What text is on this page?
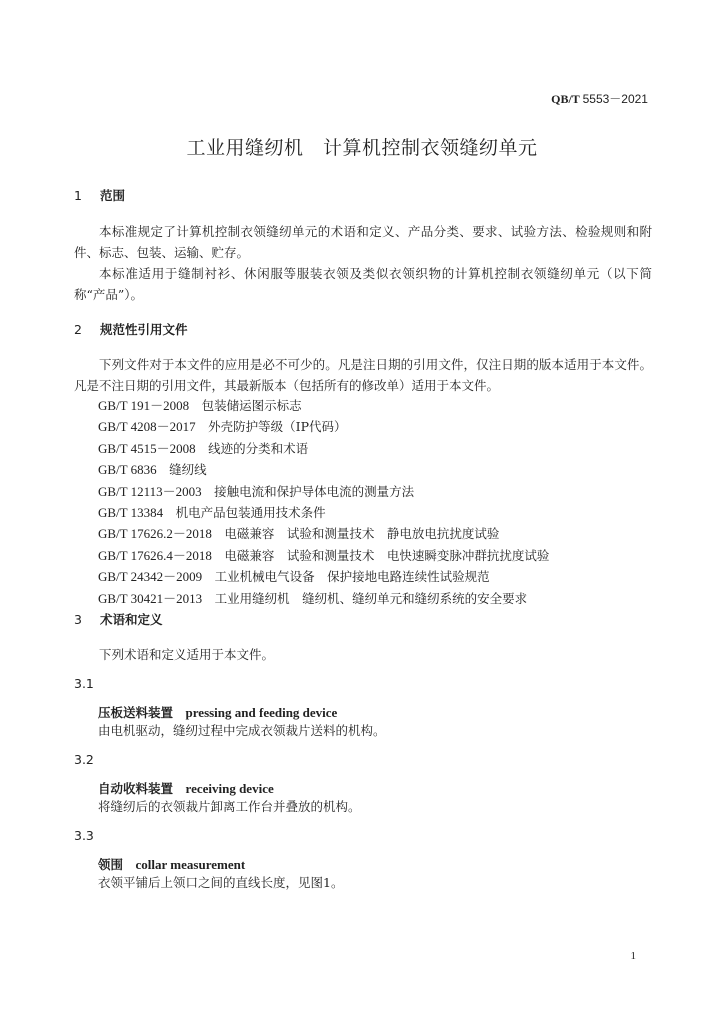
QB/T 5553－2021
工业用缝纫机　计算机控制衣领缝纫单元
1 范围
本标准规定了计算机控制衣领缝纫单元的术语和定义、产品分类、要求、试验方法、检验规则和附件、标志、包装、运输、贮存。
本标准适用于缝制衬衫、休闲服等服装衣领及类似衣领织物的计算机控制衣领缝纫单元（以下简称“产品”）。
2 规范性引用文件
下列文件对于本文件的应用是必不可少的。凡是注日期的引用文件，仅注日期的版本适用于本文件。凡是不注日期的引用文件，其最新版本（包括所有的修改单）适用于本文件。
GB/T 191－2008　 包装储运图示标志
GB/T 4208－2017　 外壳防护等级（IP代码）
GB/T 4515－2008　 线迹的分类和术语
GB/T 6836　 缝纫线
GB/T 12113－2003　 接触电流和保护导体电流的测量方法
GB/T 13384　 机电产品包装通用技术条件
GB/T 17626.2－2018　 电磁兼容　试验和测量技术　静电放电抗扰度试验
GB/T 17626.4－2018　 电磁兼容　试验和测量技术　电快速瞬变脉冲群抗扰度试验
GB/T 24342－2009　 工业机械电气设备　保护接地电路连续性试验规范
GB/T 30421－2013　 工业用缝纫机　缝纫机、缝纫单元和缝纫系统的安全要求
3 术语和定义
下列术语和定义适用于本文件。
3.1
压板送料装置　 pressing and feeding device
由电机驱动，缝纫过程中完成衣领裁片送料的机构。
3.2
自动收料装置　 receiving device
将缝纫后的衣领裁片卸离工作台并叠放的机构。
3.3
领围　 collar measurement
衣领平铺后上领口之间的直线长度，见图1。
1
